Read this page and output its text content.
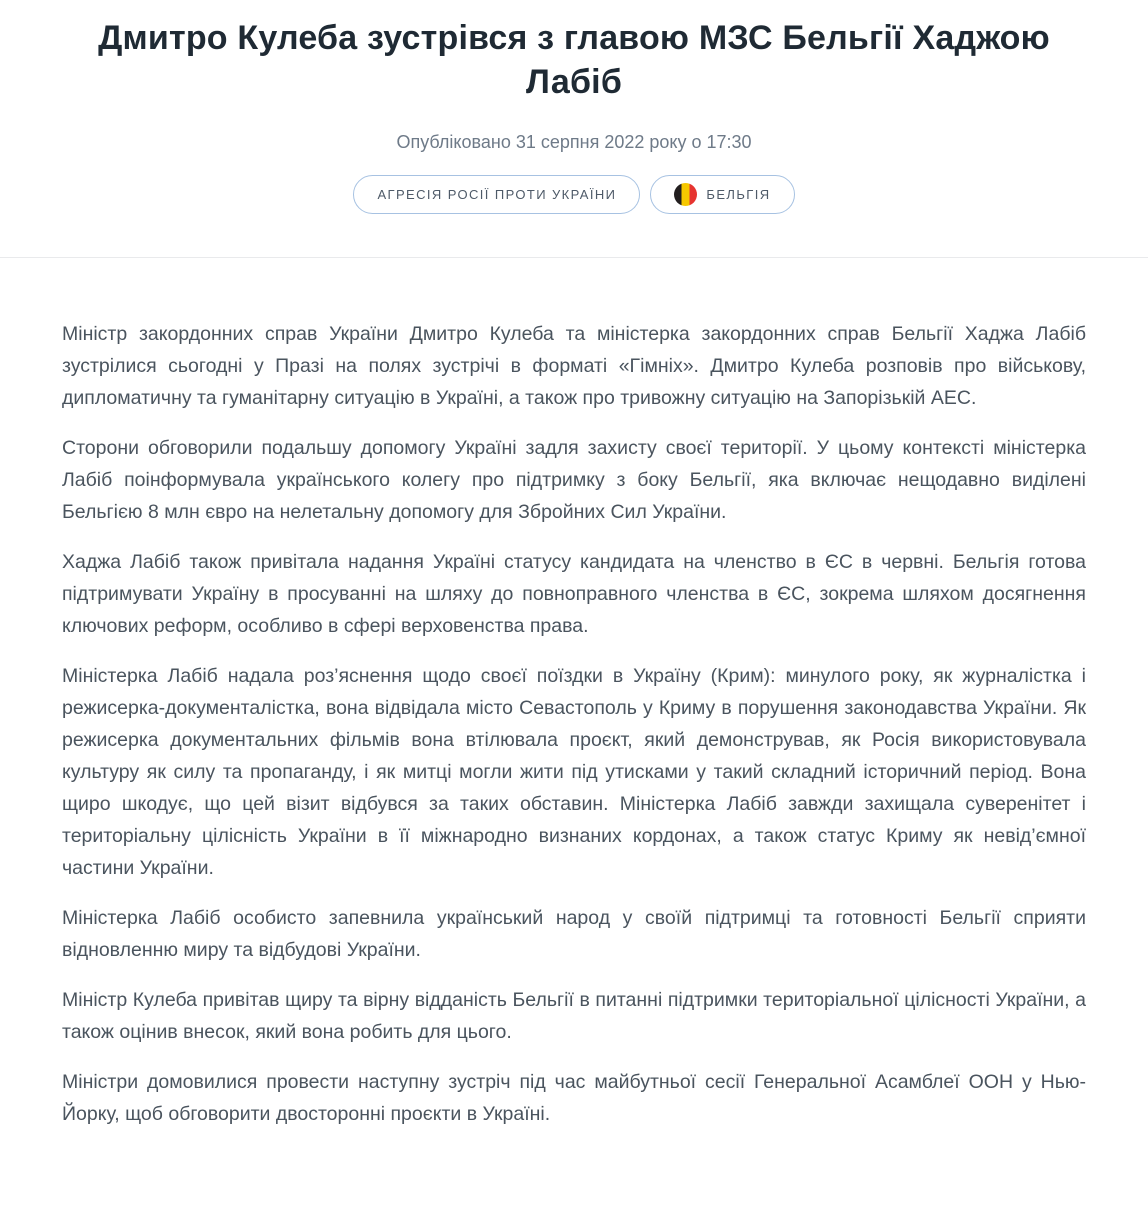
Дмитро Кулеба зустрівся з главою МЗС Бельгії Хаджою Лабіб
Опубліковано 31 серпня 2022 року о 17:30
АГРЕСІЯ РОСІЇ ПРОТИ УКРАЇНИ	БЕЛЬГІЯ

Міністр закордонних справ України Дмитро Кулеба та міністерка закордонних справ Бельгії Хаджа Лабіб зустрілися сьогодні у Празі на полях зустрічі в форматі «Гімніх». Дмитро Кулеба розповів про військову, дипломатичну та гуманітарну ситуацію в Україні, а також про тривожну ситуацію на Запорізькій АЕС.

Сторони обговорили подальшу допомогу Україні задля захисту своєї території. У цьому контексті міністерка Лабіб поінформувала українського колегу про підтримку з боку Бельгії, яка включає нещодавно виділені Бельгією 8 млн євро на нелетальну допомогу для Збройних Сил України.

Хаджа Лабіб також привітала надання Україні статусу кандидата на членство в ЄС в червні. Бельгія готова підтримувати Україну в просуванні на шляху до повноправного членства в ЄС, зокрема шляхом досягнення ключових реформ, особливо в сфері верховенства права.

Міністерка Лабіб надала роз’яснення щодо своєї поїздки в Україну (Крим): минулого року, як журналістка і режисерка-документалістка, вона відвідала місто Севастополь у Криму в порушення законодавства України. Як режисерка документальних фільмів вона втілювала проєкт, який демонстрував, як Росія використовувала культуру як силу та пропаганду, і як митці могли жити під утисками у такий складний історичний період. Вона щиро шкодує, що цей візит відбувся за таких обставин. Міністерка Лабіб завжди захищала суверенітет і територіальну цілісність України в її міжнародно визнаних кордонах, а також статус Криму як невід’ємної частини України.

Міністерка Лабіб особисто запевнила український народ у своїй підтримці та готовності Бельгії сприяти відновленню миру та відбудові України.

Міністр Кулеба привітав щиру та вірну відданість Бельгії в питанні підтримки територіальної цілісності України, а також оцінив внесок, який вона робить для цього.

Міністри домовилися провести наступну зустріч під час майбутньої сесії Генеральної Асамблеї ООН у Нью-Йорку, щоб обговорити двосторонні проєкти в Україні.
